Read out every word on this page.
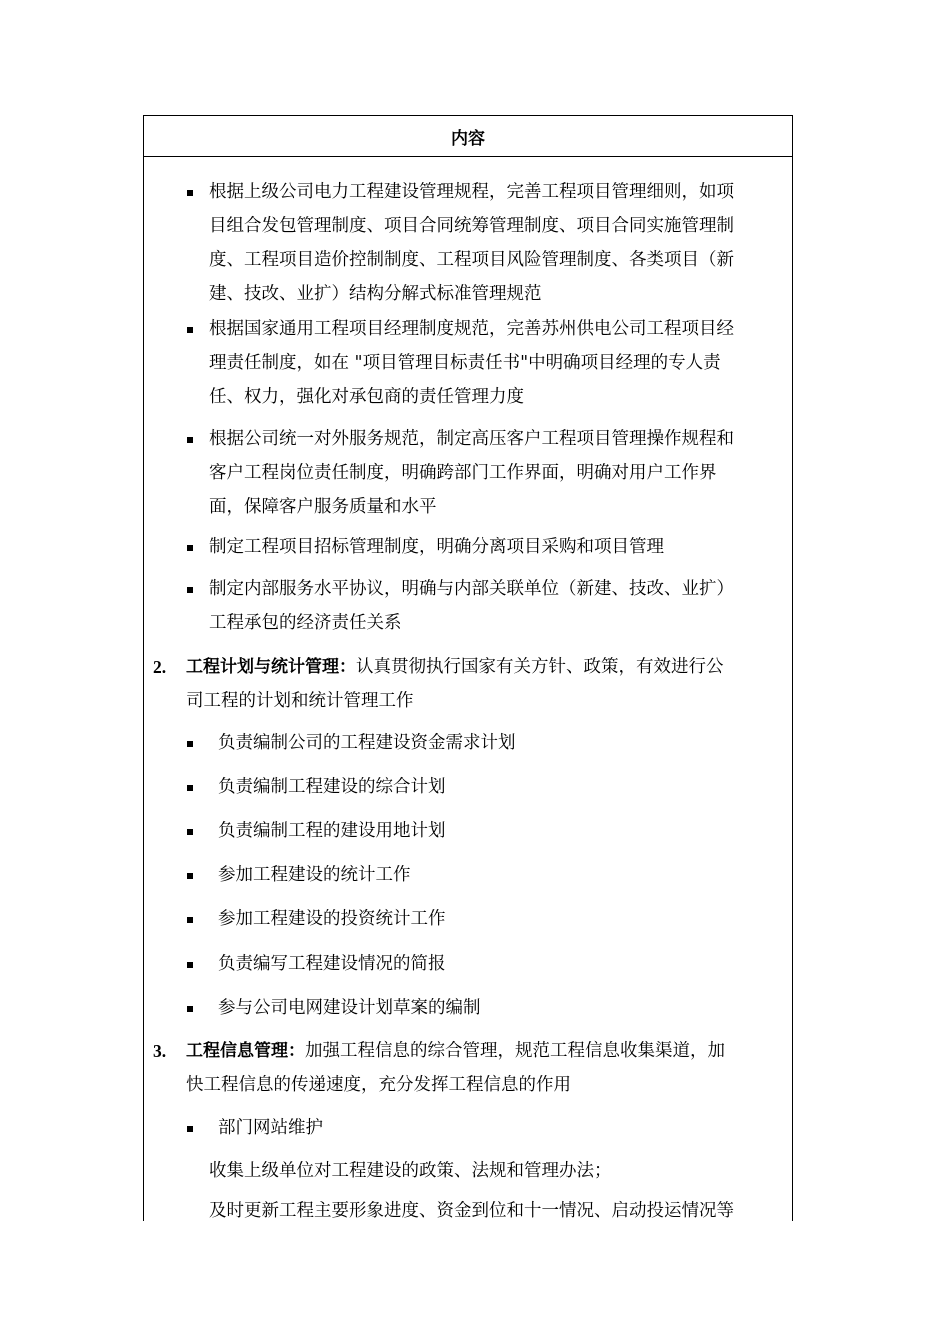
内容
根据上级公司电力工程建设管理规程，完善工程项目管理细则，如项
目组合发包管理制度、项目合同统筹管理制度、项目合同实施管理制
度、工程项目造价控制制度、工程项目风险管理制度、各类项目（新
建、技改、业扩）结构分解式标准管理规范
根据国家通用工程项目经理制度规范，完善苏州供电公司工程项目经
理责任制度，如在 "项目管理目标责任书"中明确项目经理的专人责
任、权力，强化对承包商的责任管理力度
根据公司统一对外服务规范，制定高压客户工程项目管理操作规程和
客户工程岗位责任制度，明确跨部门工作界面，明确对用户工作界
面，保障客户服务质量和水平
制定工程项目招标管理制度，明确分离项目采购和项目管理
制定内部服务水平协议，明确与内部关联单位（新建、技改、业扩）
工程承包的经济责任关系
2. 工程计划与统计管理：认真贯彻执行国家有关方针、政策，有效进行公
司工程的计划和统计管理工作
负责编制公司的工程建设资金需求计划
负责编制工程建设的综合计划
负责编制工程的建设用地计划
参加工程建设的统计工作
参加工程建设的投资统计工作
负责编写工程建设情况的简报
参与公司电网建设计划草案的编制
3. 工程信息管理：加强工程信息的综合管理，规范工程信息收集渠道，加
快工程信息的传递速度，充分发挥工程信息的作用
部门网站维护
收集上级单位对工程建设的政策、法规和管理办法；
及时更新工程主要形象进度、资金到位和十一情况、启动投运情况等
